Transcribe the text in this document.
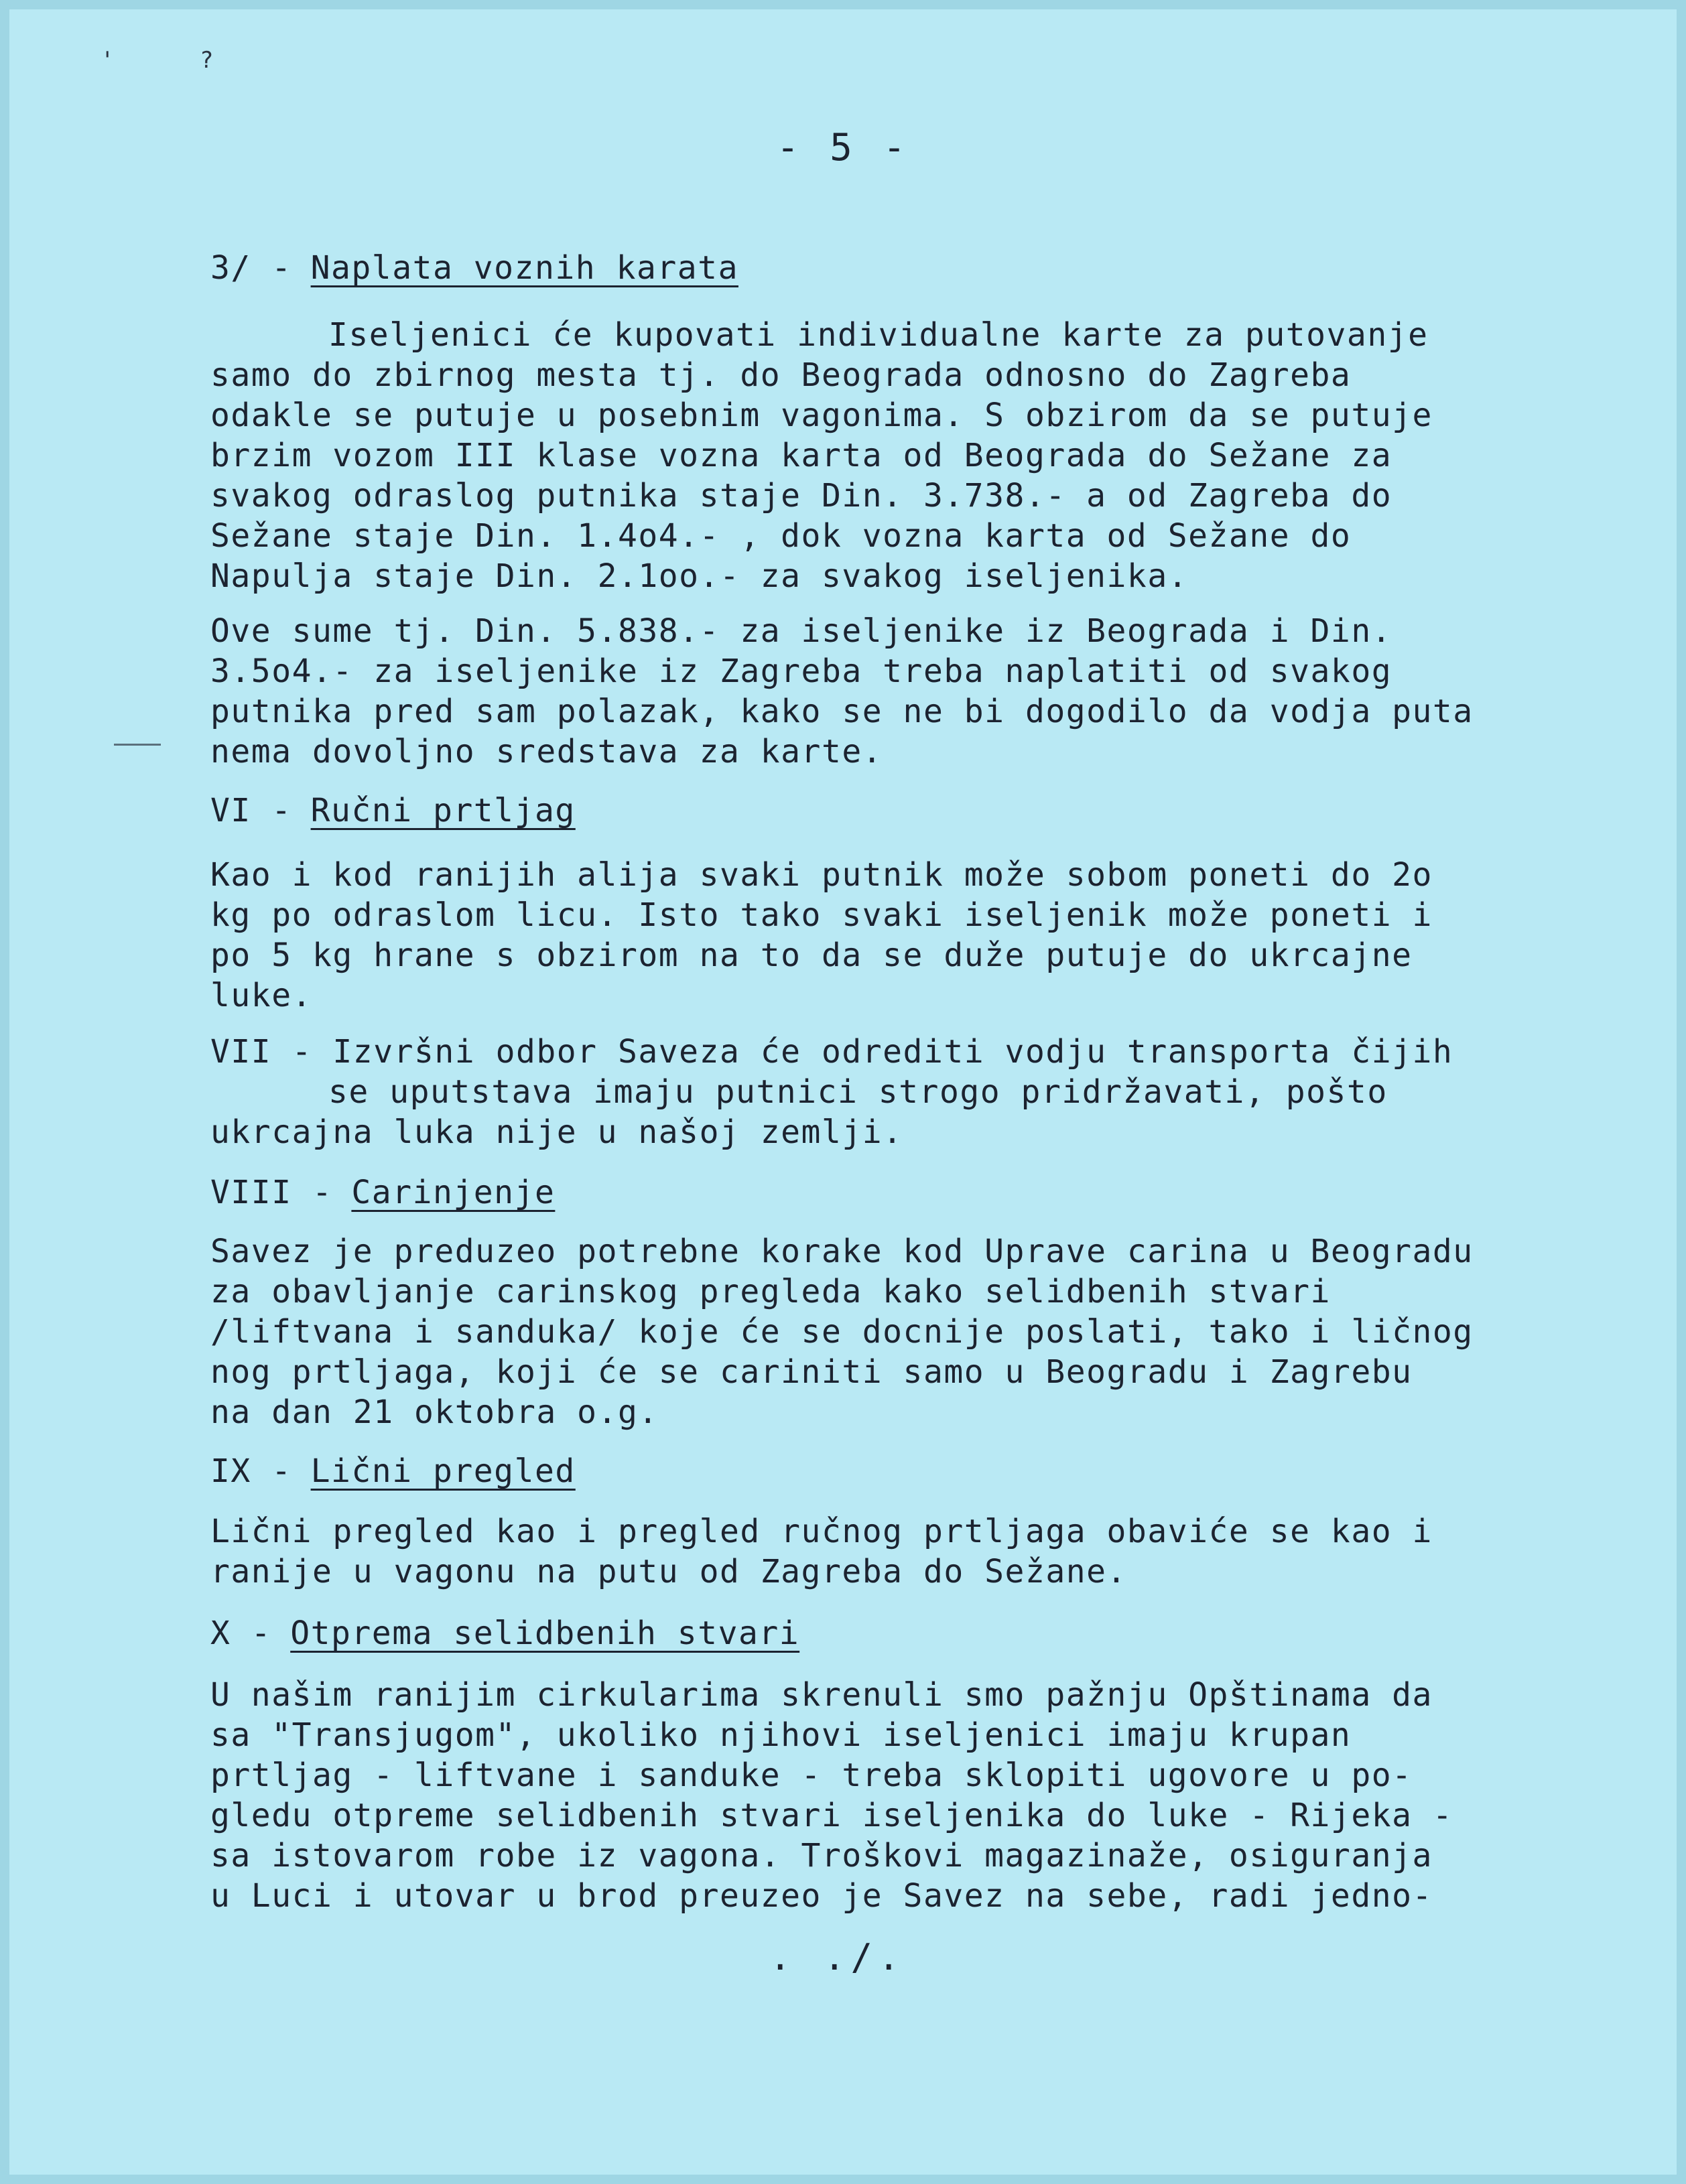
'	?
- 5 -
3/ - Naplata voznih karata
Iseljenici će kupovati individualne karte za putovanje
samo do zbirnog mesta tj. do Beograda odnosno do Zagreba
odakle se putuje u posebnim vagonima. S obzirom da se putuje
brzim vozom III klase vozna karta od Beograda do Sežane za
svakog odraslog putnika staje Din. 3.738.- a od Zagreba do
Sežane staje Din. 1.4o4.- , dok vozna karta od Sežane do
Napulja staje Din. 2.1oo.- za svakog iseljenika.
Ove sume tj. Din. 5.838.- za iseljenike iz Beograda i Din.
3.5o4.- za iseljenike iz Zagreba treba naplatiti od svakog
putnika pred sam polazak, kako se ne bi dogodilo da vodja puta
nema dovoljno sredstava za karte.
VI - Ručni prtljag
Kao i kod ranijih alija svaki putnik može sobom poneti do 2o
kg po odraslom licu. Isto tako svaki iseljenik može poneti i
po 5 kg hrane s obzirom na to da se duže putuje do ukrcajne
luke.
VII - Izvršni odbor Saveza će odrediti vodju transporta čijih
se uputstava imaju putnici strogo pridržavati, pošto
ukrcajna luka nije u našoj zemlji.
VIII - Carinjenje
Savez je preduzeo potrebne korake kod Uprave carina u Beogradu
za obavljanje carinskog pregleda kako selidbenih stvari
/liftvana i sanduka/ koje će se docnije poslati, tako i ličnog
nog prtljaga, koji će se cariniti samo u Beogradu i Zagrebu
na dan 21 oktobra o.g.
IX - Lični pregled
Lični pregled kao i pregled ručnog prtljaga obaviće se kao i
ranije u vagonu na putu od Zagreba do Sežane.
X - Otprema selidbenih stvari
U našim ranijim cirkularima skrenuli smo pažnju Opštinama da
sa "Transjugom", ukoliko njihovi iseljenici imaju krupan
prtljag - liftvane i sanduke - treba sklopiti ugovore u po-
gledu otpreme selidbenih stvari iseljenika do luke - Rijeka -
sa istovarom robe iz vagona. Troškovi magazinaže, osiguranja
u Luci i utovar u brod preuzeo je Savez na sebe, radi jedno-
. ./.
